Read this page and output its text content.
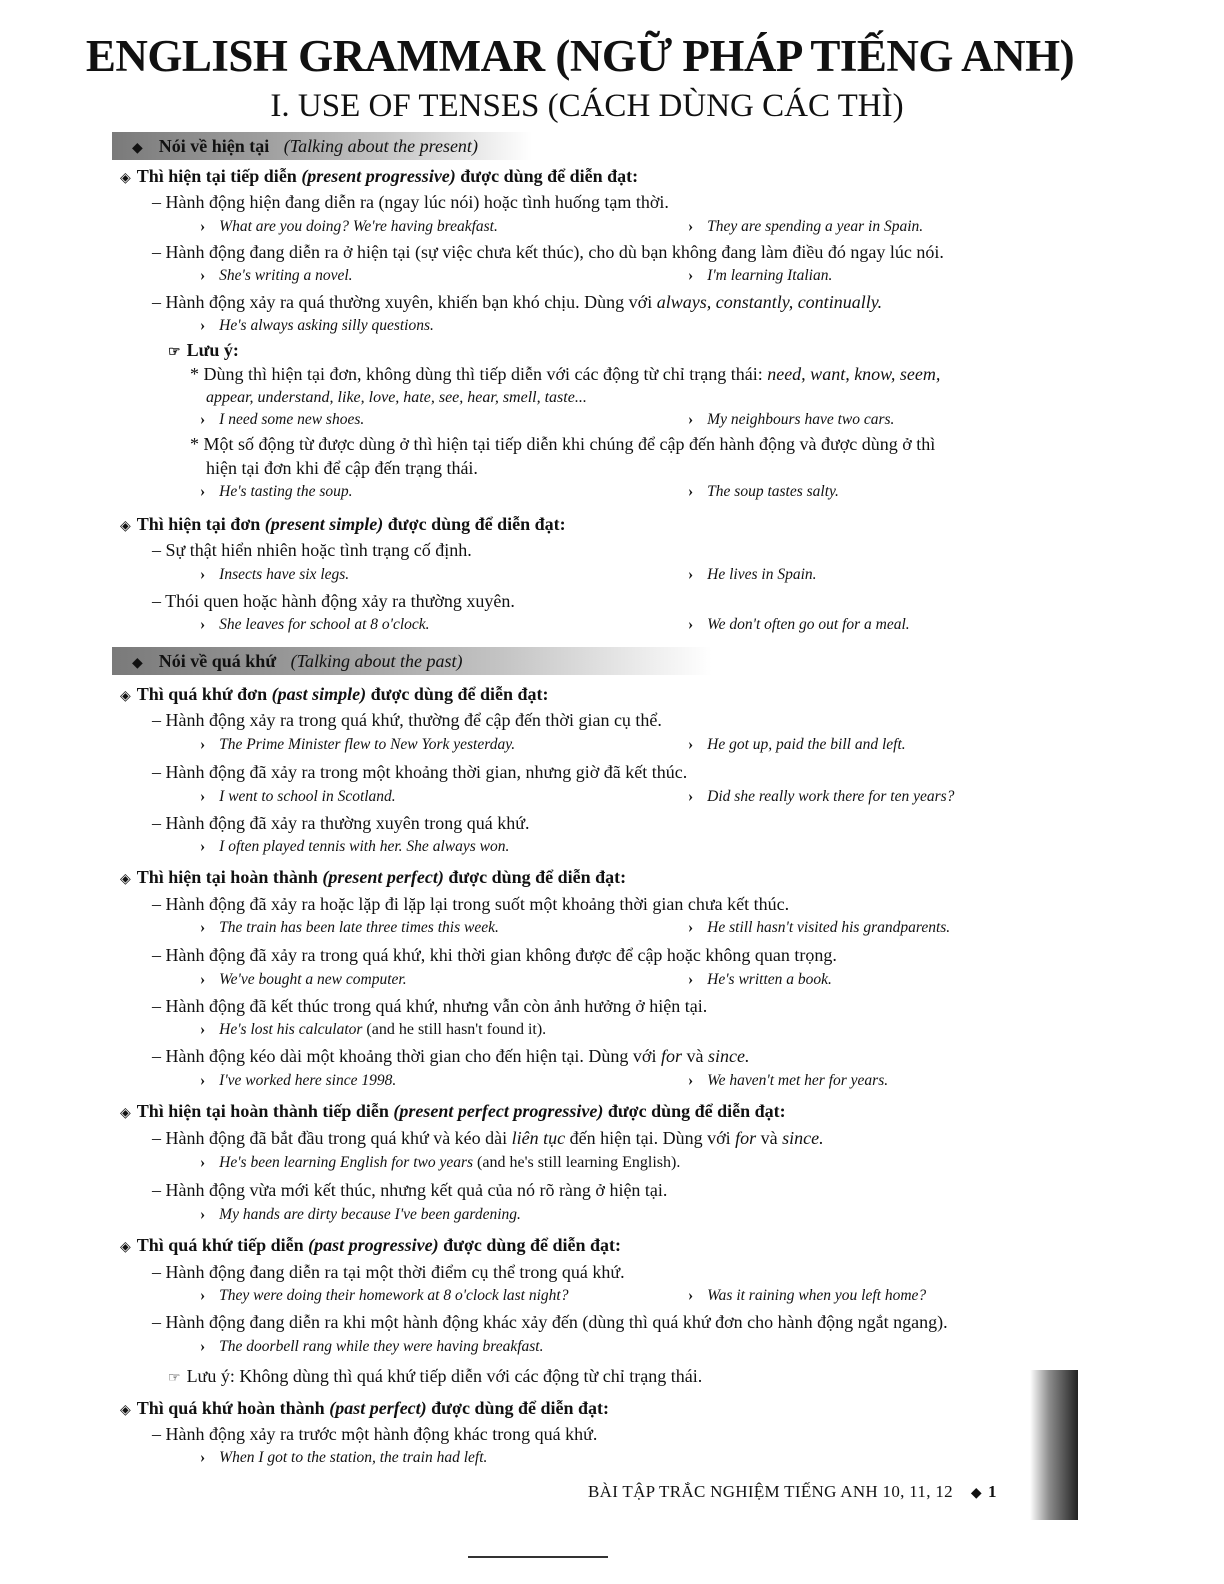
ENGLISH GRAMMAR (NGỮ PHÁP TIẾNG ANH)
I. USE OF TENSES (CÁCH DÙNG CÁC THÌ)
◆ Nói về hiện tại (Talking about the present)
◈ Thì hiện tại tiếp diễn (present progressive) được dùng để diễn đạt:
– Hành động hiện đang diễn ra (ngay lúc nói) hoặc tình huống tạm thời.
› What are you doing? We're having breakfast.	› They are spending a year in Spain.
– Hành động đang diễn ra ở hiện tại (sự việc chưa kết thúc), cho dù bạn không đang làm điều đó ngay lúc nói.
› She's writing a novel.	› I'm learning Italian.
– Hành động xảy ra quá thường xuyên, khiến bạn khó chịu. Dùng với always, constantly, continually.
› He's always asking silly questions.
☞ Lưu ý:
* Dùng thì hiện tại đơn, không dùng thì tiếp diễn với các động từ chỉ trạng thái: need, want, know, seem,
appear, understand, like, love, hate, see, hear, smell, taste...
› I need some new shoes.	› My neighbours have two cars.
* Một số động từ được dùng ở thì hiện tại tiếp diễn khi chúng để cập đến hành động và được dùng ở thì
hiện tại đơn khi để cập đến trạng thái.
› He's tasting the soup.	› The soup tastes salty.
◈ Thì hiện tại đơn (present simple) được dùng để diễn đạt:
– Sự thật hiển nhiên hoặc tình trạng cố định.
› Insects have six legs.	› He lives in Spain.
– Thói quen hoặc hành động xảy ra thường xuyên.
› She leaves for school at 8 o'clock.	› We don't often go out for a meal.
◆ Nói về quá khứ (Talking about the past)
◈ Thì quá khứ đơn (past simple) được dùng để diễn đạt:
– Hành động xảy ra trong quá khứ, thường để cập đến thời gian cụ thể.
› The Prime Minister flew to New York yesterday.	› He got up, paid the bill and left.
– Hành động đã xảy ra trong một khoảng thời gian, nhưng giờ đã kết thúc.
› I went to school in Scotland.	› Did she really work there for ten years?
– Hành động đã xảy ra thường xuyên trong quá khứ.
› I often played tennis with her. She always won.
◈ Thì hiện tại hoàn thành (present perfect) được dùng để diễn đạt:
– Hành động đã xảy ra hoặc lặp đi lặp lại trong suốt một khoảng thời gian chưa kết thúc.
› The train has been late three times this week.	› He still hasn't visited his grandparents.
– Hành động đã xảy ra trong quá khứ, khi thời gian không được để cập hoặc không quan trọng.
› We've bought a new computer.	› He's written a book.
– Hành động đã kết thúc trong quá khứ, nhưng vẫn còn ảnh hưởng ở hiện tại.
› He's lost his calculator (and he still hasn't found it).
– Hành động kéo dài một khoảng thời gian cho đến hiện tại. Dùng với for và since.
› I've worked here since 1998.	› We haven't met her for years.
◈ Thì hiện tại hoàn thành tiếp diễn (present perfect progressive) được dùng để diễn đạt:
– Hành động đã bắt đầu trong quá khứ và kéo dài liên tục đến hiện tại. Dùng với for và since.
› He's been learning English for two years (and he's still learning English).
– Hành động vừa mới kết thúc, nhưng kết quả của nó rõ ràng ở hiện tại.
› My hands are dirty because I've been gardening.
◈ Thì quá khứ tiếp diễn (past progressive) được dùng để diễn đạt:
– Hành động đang diễn ra tại một thời điểm cụ thể trong quá khứ.
› They were doing their homework at 8 o'clock last night?	› Was it raining when you left home?
– Hành động đang diễn ra khi một hành động khác xảy đến (dùng thì quá khứ đơn cho hành động ngắt ngang).
› The doorbell rang while they were having breakfast.
☞ Lưu ý: Không dùng thì quá khứ tiếp diễn với các động từ chỉ trạng thái.
◈ Thì quá khứ hoàn thành (past perfect) được dùng để diễn đạt:
– Hành động xảy ra trước một hành động khác trong quá khứ.
› When I got to the station, the train had left.
BÀI TẬP TRẮC NGHIỆM TIẾNG ANH 10, 11, 12 ◆ 1
